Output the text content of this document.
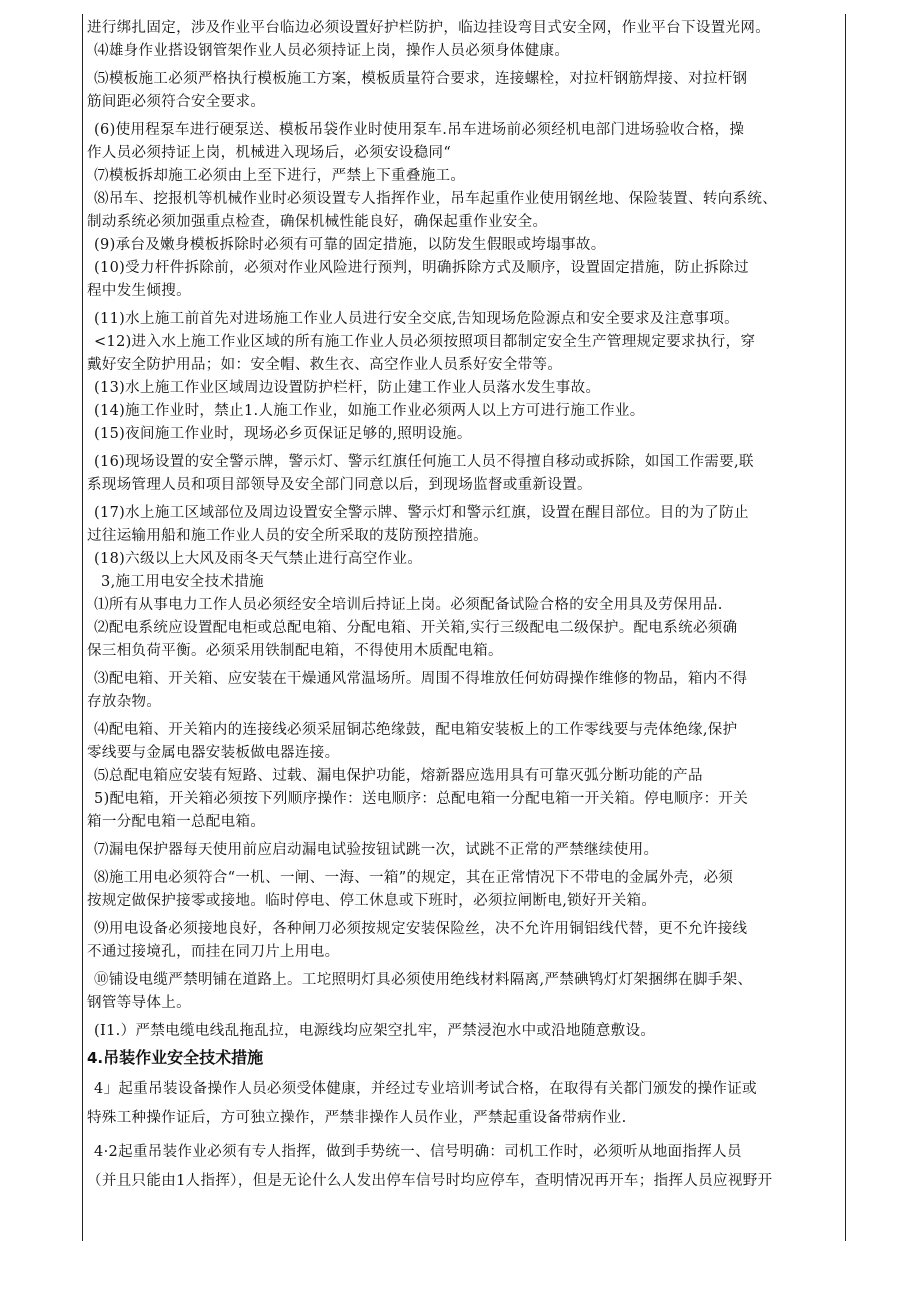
进行绑扎固定，涉及作业平台临边必须设置好护栏防护，临边挂设弯目式安全网，作业平台下设置光网。
⑷雄身作业搭设钢管架作业人员必须持证上岗，操作人员必须身体健康。
⑸模板施工必须严格执行模板施工方案，模板质量符合要求，连接螺栓，对拉杆钢筋焊接、对拉杆钢
筋间距必须符合安全要求。
(6)使用程泵车进行硬泵送、模板吊袋作业时使用泵车.吊车进场前必须经机电部门进场验收合格，操
作人员必须持证上岗，机械进入现场后，必须安设稳同“
⑺模板拆却施工必须由上至下进行，严禁上下重叠施工。
⑻吊车、挖报机等机械作业时必须设置专人指挥作业，吊车起重作业使用钢丝地、保险装置、转向系统、
制动系统必须加强重点检查，确保机械性能良好，确保起重作业安全。
(9)承台及嫩身模板拆除时必须有可靠的固定措施，以防发生假眼或垮塌事故。
(10)受力杆件拆除前，必须对作业风险进行预判，明确拆除方式及顺序，设置固定措施，防止拆除过
程中发生倾搜。
(11)水上施工前首先对进场施工作业人员进行安全交底,告知现场危险源点和安全要求及注意事项。
<12)进入水上施工作业区域的所有施工作业人员必须按照项目都制定安全生产管理规定要求执行，穿
戴好安全防护用品；如：安全帽、救生衣、高空作业人员系好安全带等。
(13)水上施工作业区域周边设置防护栏杆，防止建工作业人员落水发生事故。
(14)施工作业时，禁止1.人施工作业，如施工作业必须两人以上方可进行施工作业。
(15)夜间施工作业时，现场必乡页保证足够的,照明设施。
(16)现场设置的安全警示牌，警示灯、警示红旗任何施工人员不得擅自移动或拆除，如国工作需要,联
系现场管理人员和项目部领导及安全部门同意以后，到现场监督或重新设置。
(17)水上施工区域部位及周边设置安全警示牌、警示灯和警示红旗，设置在醒目部位。目的为了防止
过往运输用船和施工作业人员的安全所采取的芨防预控措施。
(18)六级以上大风及雨冬天气禁止进行高空作业。
3,施工用电安全技术措施
⑴所有从事电力工作人员必须经安全培训后持证上岗。必须配备试险合格的安全用具及劳保用品.
⑵配电系统应设置配电柜或总配电箱、分配电箱、开关箱,实行三级配电二级保护。配电系统必须确
保三相负荷平衡。必须采用铁制配电箱，不得使用木质配电箱。
⑶配电箱、开关箱、应安装在干燥通风常温场所。周围不得堆放任何妨碍操作维修的物品，箱内不得
存放杂物。
⑷配电箱、开关箱内的连接线必须采屈铜芯绝缘鼓，配电箱安装板上的工作零线要与壳体绝缘,保护
零线要与金属电器安装板做电器连接。
⑸总配电箱应安装有短路、过载、漏电保护功能，熔新器应选用具有可靠灭弧分断功能的产品
5)配电箱，开关箱必须按下列顺序操作：送电顺序：总配电箱一分配电箱一开关箱。停电顺序：开关
箱一分配电箱一总配电箱。
⑺漏电保护器每天使用前应启动漏电试验按钮试跳一次，试跳不正常的严禁继续使用。
⑻施工用电必须符合“一机、一闸、一海、一箱”的规定，其在正常情况下不带电的金属外壳，必须
按规定做保护接零或接地。临时停电、停工休息或下班时，必须拉闸断电,锁好开关箱。
⑼用电设备必须接地良好，各种闸刀必须按规定安装保险丝，决不允许用铜铝线代替，更不允许接线
不通过接境孔，而挂在同刀片上用电。
⑩铺设电缆严禁明铺在道路上。工坨照明灯具必须使用绝线材料隔离,严禁碘鸨灯灯架捆绑在脚手架、
钢管等导体上。
(I1.）严禁电缆电线乱拖乱拉，电源线均应架空扎牢，严禁浸泡水中或沿地随意敷设。
4.吊装作业安全技术措施
4」起重吊装设备操作人员必须受体健康，并经过专业培训考试合格，在取得有关都门颁发的操作证或
特殊工种操作证后，方可独立操作，严禁非操作人员作业，严禁起重设备带病作业.
4·2起重吊装作业必须有专人指挥，做到手势统一、信号明确：司机工作时，必须听从地面指挥人员
（并且只能由1人指挥），但是无论什么人发出停车信号时均应停车，查明情况再开车；指挥人员应视野开
